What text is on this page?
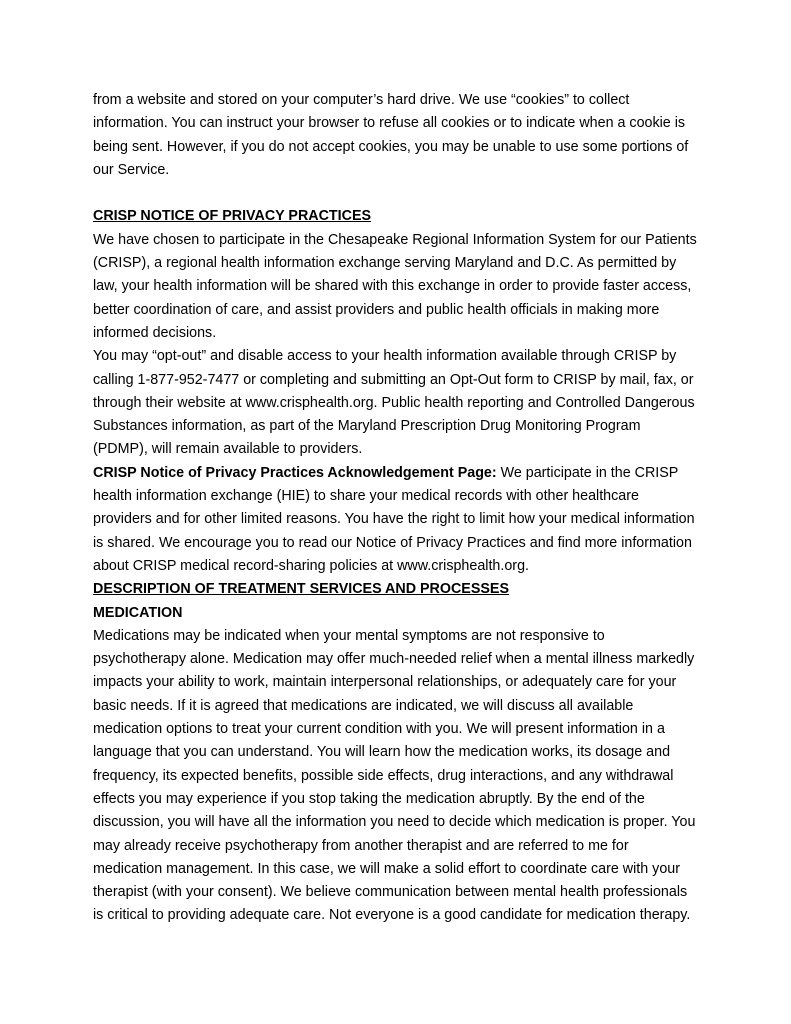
from a website and stored on your computer’s hard drive. We use “cookies” to collect information. You can instruct your browser to refuse all cookies or to indicate when a cookie is being sent. However, if you do not accept cookies, you may be unable to use some portions of our Service.

CRISP NOTICE OF PRIVACY PRACTICES

We have chosen to participate in the Chesapeake Regional Information System for our Patients (CRISP), a regional health information exchange serving Maryland and D.C. As permitted by law, your health information will be shared with this exchange in order to provide faster access, better coordination of care, and assist providers and public health officials in making more informed decisions.

You may “opt-out” and disable access to your health information available through CRISP by calling 1-877-952-7477 or completing and submitting an Opt-Out form to CRISP by mail, fax, or through their website at www.crisphealth.org. Public health reporting and Controlled Dangerous Substances information, as part of the Maryland Prescription Drug Monitoring Program (PDMP), will remain available to providers.

CRISP Notice of Privacy Practices Acknowledgement Page: We participate in the CRISP health information exchange (HIE) to share your medical records with other healthcare providers and for other limited reasons. You have the right to limit how your medical information is shared. We encourage you to read our Notice of Privacy Practices and find more information about CRISP medical record-sharing policies at www.crisphealth.org.

DESCRIPTION OF TREATMENT SERVICES AND PROCESSES

MEDICATION

Medications may be indicated when your mental symptoms are not responsive to psychotherapy alone. Medication may offer much-needed relief when a mental illness markedly impacts your ability to work, maintain interpersonal relationships, or adequately care for your basic needs. If it is agreed that medications are indicated, we will discuss all available medication options to treat your current condition with you. We will present information in a language that you can understand. You will learn how the medication works, its dosage and frequency, its expected benefits, possible side effects, drug interactions, and any withdrawal effects you may experience if you stop taking the medication abruptly. By the end of the discussion, you will have all the information you need to decide which medication is proper. You may already receive psychotherapy from another therapist and are referred to me for medication management. In this case, we will make a solid effort to coordinate care with your therapist (with your consent). We believe communication between mental health professionals is critical to providing adequate care. Not everyone is a good candidate for medication therapy.
